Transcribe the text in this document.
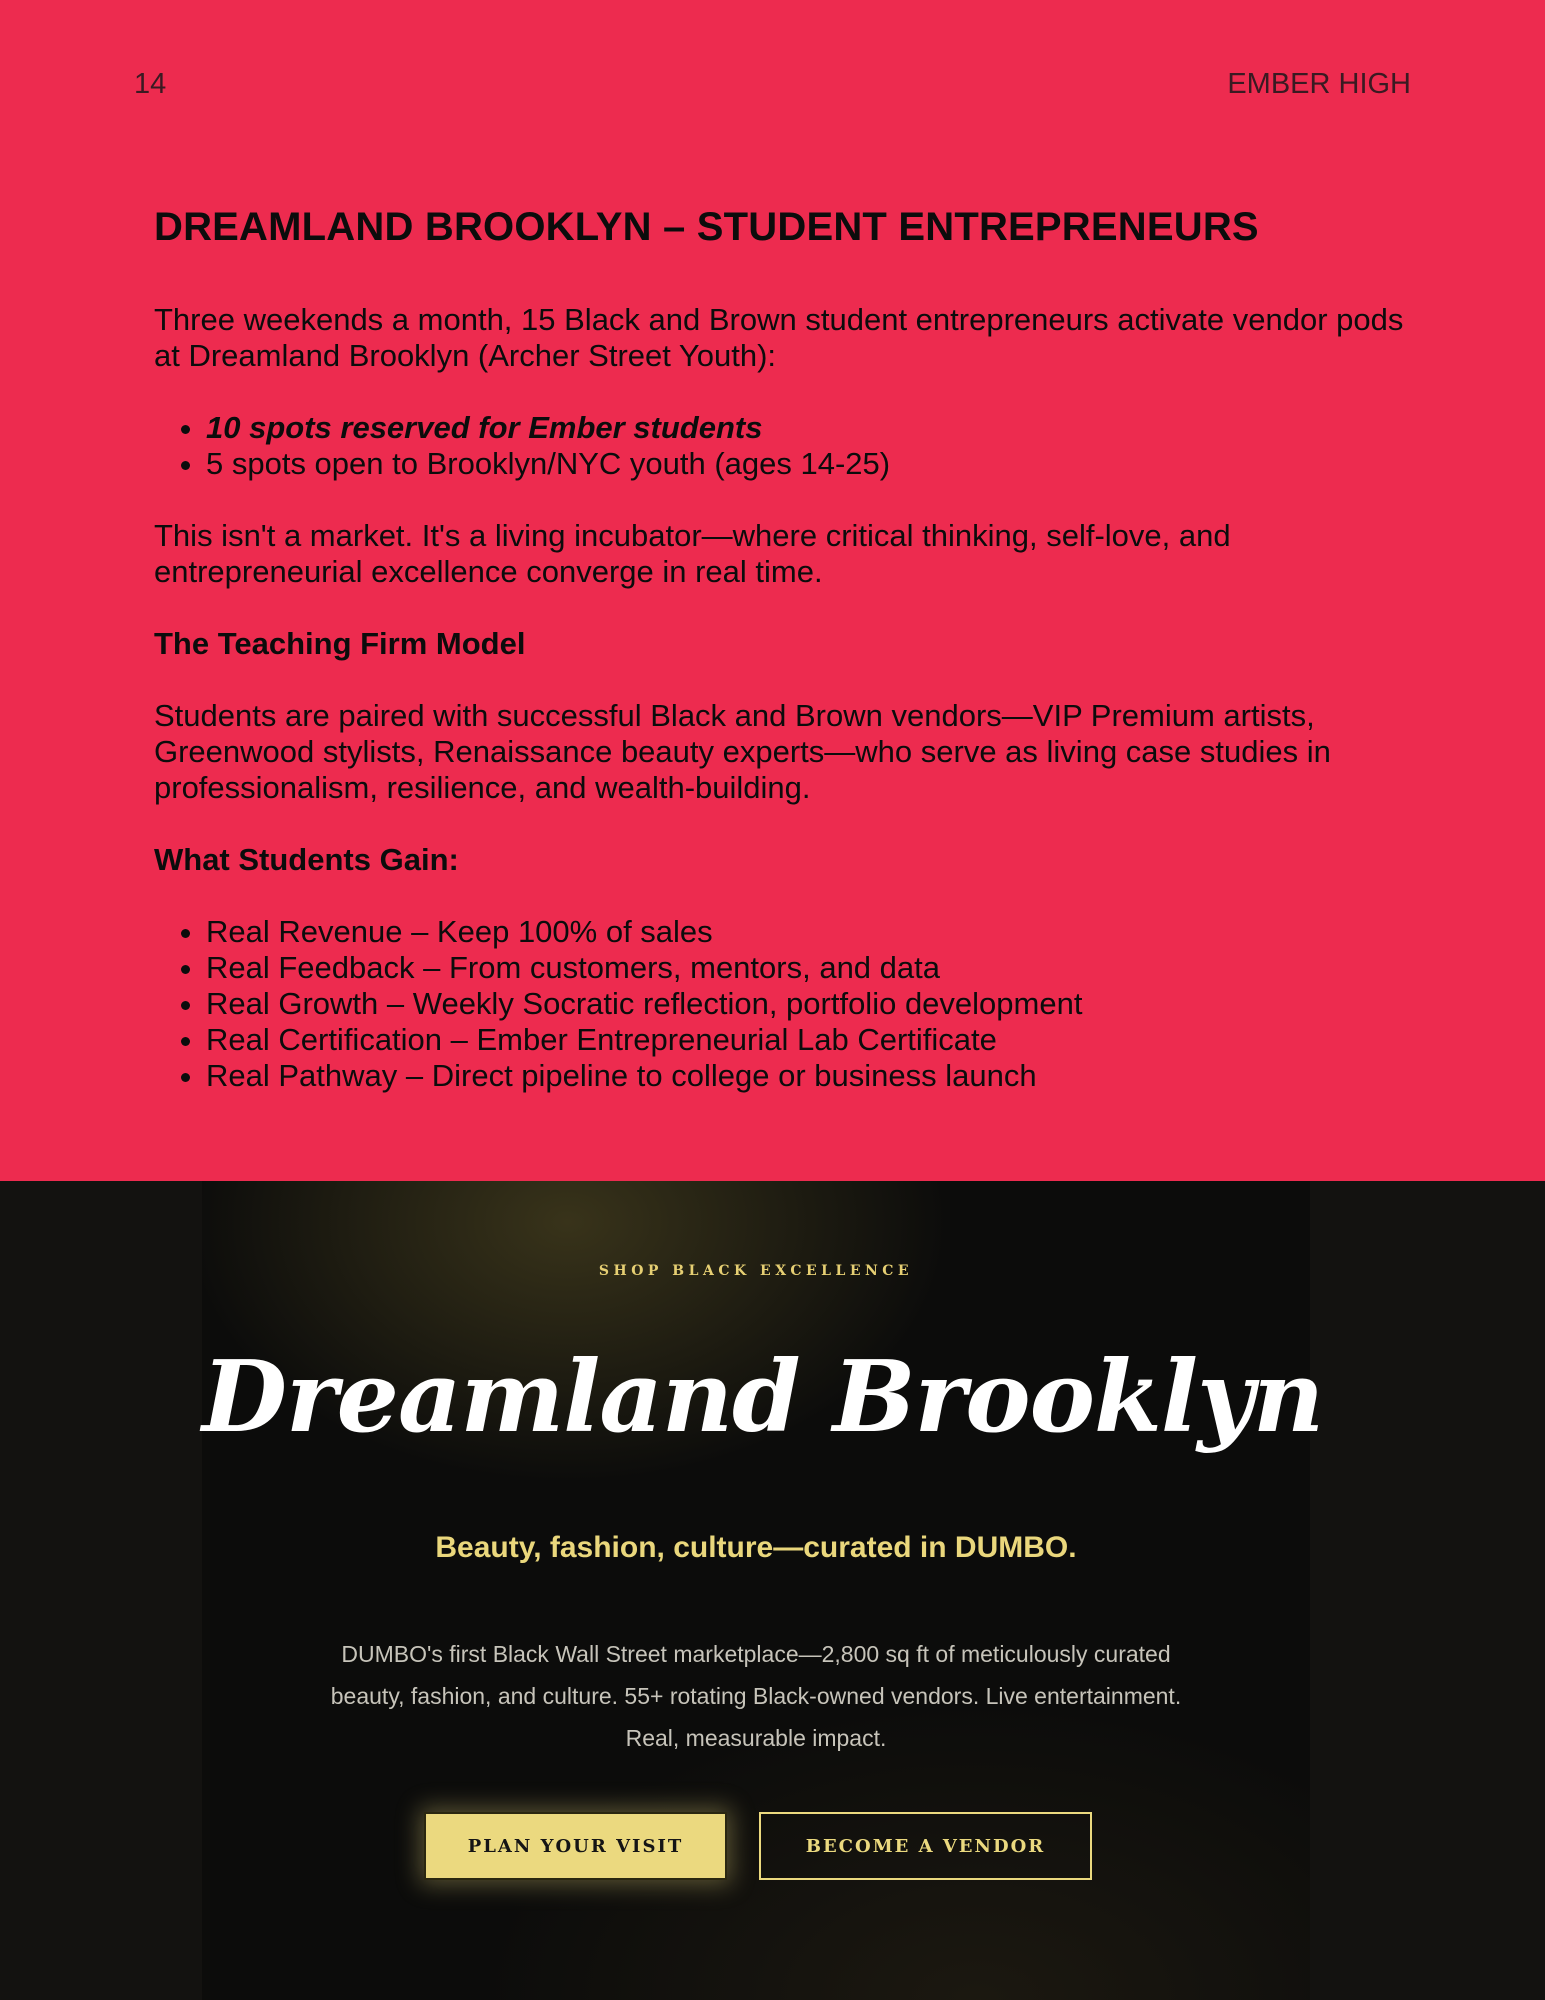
14	EMBER HIGH
DREAMLAND BROOKLYN – STUDENT ENTREPRENEURS

Three weekends a month, 15 Black and Brown student entrepreneurs activate vendor pods at Dreamland Brooklyn (Archer Street Youth):

• 10 spots reserved for Ember students
• 5 spots open to Brooklyn/NYC youth (ages 14-25)

This isn't a market. It's a living incubator—where critical thinking, self-love, and entrepreneurial excellence converge in real time.

The Teaching Firm Model

Students are paired with successful Black and Brown vendors—VIP Premium artists, Greenwood stylists, Renaissance beauty experts—who serve as living case studies in professionalism, resilience, and wealth-building.

What Students Gain:
• Real Revenue – Keep 100% of sales
• Real Feedback – From customers, mentors, and data
• Real Growth – Weekly Socratic reflection, portfolio development
• Real Certification – Ember Entrepreneurial Lab Certificate
• Real Pathway – Direct pipeline to college or business launch
SHOP BLACK EXCELLENCE
Dreamland Brooklyn
Beauty, fashion, culture—curated in DUMBO.
DUMBO's first Black Wall Street marketplace—2,800 sq ft of meticulously curated beauty, fashion, and culture. 55+ rotating Black-owned vendors. Live entertainment. Real, measurable impact.
PLAN YOUR VISIT	BECOME A VENDOR
